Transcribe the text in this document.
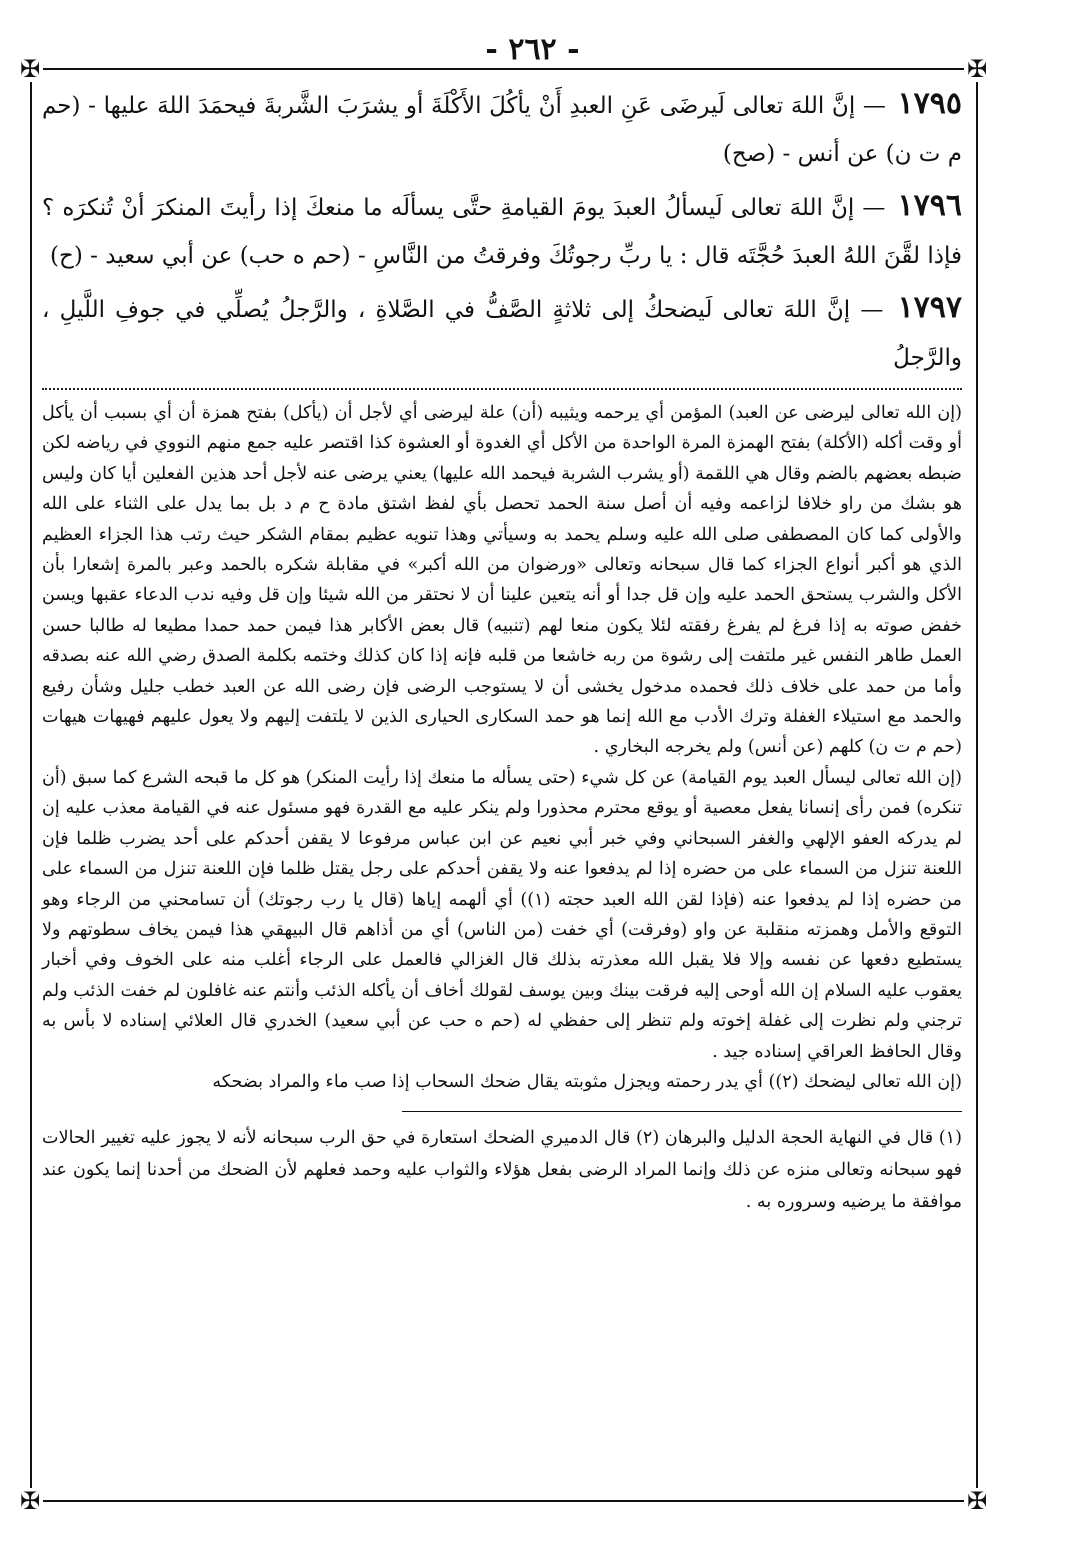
- ٢٦٢ -
✠	✠
✠	✠

١٧٩٥ — إنَّ اللهَ تعالى لَيرضَى عَنِ العبدِ أَنْ يأكُلَ الأَكْلَةَ أو يشرَبَ الشَّربةَ فيحمَدَ اللهَ عليها - (حم م ت ن) عن أنس - (صح)

١٧٩٦ — إنَّ اللهَ تعالى لَيسألُ العبدَ يومَ القيامةِ حتَّى يسألَه ما منعكَ إذا رأيتَ المنكرَ أنْ تُنكرَه ؟ فإذا لقَّنَ اللهُ العبدَ حُجَّتَه قال : يا ربِّ رجوتُكَ وفرقتُ من النَّاسِ - (حم ه حب) عن أبي سعيد - (ح)

١٧٩٧ — إنَّ اللهَ تعالى لَيضحكُ إلى ثلاثةٍ الصَّفُّ في الصَّلاةِ ، والرَّجلُ يُصلِّي في جوفِ اللَّيلِ ، والرَّجلُ

(إن الله تعالى ليرضى عن العبد) المؤمن أي يرحمه ويثيبه (أن) علة ليرضى أي لأجل أن (يأكل) بفتح همزة أن أي بسبب أن يأكل أو وقت أكله (الأكلة) بفتح الهمزة المرة الواحدة من الأكل أي الغدوة أو العشوة كذا اقتصر عليه جمع منهم النووي في رياضه لكن ضبطه بعضهم بالضم وقال هي اللقمة (أو يشرب الشربة فيحمد الله عليها) يعني يرضى عنه لأجل أحد هذين الفعلين أيا كان وليس هو بشك من راو خلافا لزاعمه وفيه أن أصل سنة الحمد تحصل بأي لفظ اشتق مادة ح م د بل بما يدل على الثناء على الله والأولى كما كان المصطفى صلى الله عليه وسلم يحمد به وسيأتي وهذا تنويه عظيم بمقام الشكر حيث رتب هذا الجزاء العظيم الذي هو أكبر أنواع الجزاء كما قال سبحانه وتعالى «ورضوان من الله أكبر» في مقابلة شكره بالحمد وعبر بالمرة إشعارا بأن الأكل والشرب يستحق الحمد عليه وإن قل جدا أو أنه يتعين علينا أن لا نحتقر من الله شيئا وإن قل وفيه ندب الدعاء عقبها ويسن خفض صوته به إذا فرغ لم يفرغ رفقته لئلا يكون منعا لهم (تنبيه) قال بعض الأكابر هذا فيمن حمد حمدا مطيعا له طالبا حسن العمل طاهر النفس غير ملتفت إلى رشوة من ربه خاشعا من قلبه فإنه إذا كان كذلك وختمه بكلمة الصدق رضي الله عنه بصدقه وأما من حمد على خلاف ذلك فحمده مدخول يخشى أن لا يستوجب الرضى فإن رضى الله عن العبد خطب جليل وشأن رفيع والحمد مع استيلاء الغفلة وترك الأدب مع الله إنما هو حمد السكارى الحيارى الذين لا يلتفت إليهم ولا يعول عليهم فهيهات هيهات (حم م ت ن) كلهم (عن أنس) ولم يخرجه البخاري .

(إن الله تعالى ليسأل العبد يوم القيامة) عن كل شيء (حتى يسأله ما منعك إذا رأيت المنكر) هو كل ما قبحه الشرع كما سبق (أن تنكره) فمن رأى إنسانا يفعل معصية أو يوقع محترم محذورا ولم ينكر عليه مع القدرة فهو مسئول عنه في القيامة معذب عليه إن لم يدركه العفو الإلهي والغفر السبحاني وفي خبر أبي نعيم عن ابن عباس مرفوعا لا يقفن أحدكم على أحد يضرب ظلما فإن اللعنة تنزل من السماء على من حضره إذا لم يدفعوا عنه ولا يقفن أحدكم على رجل يقتل ظلما فإن اللعنة تنزل من السماء على من حضره إذا لم يدفعوا عنه (فإذا لقن الله العبد حجته (١)) أي ألهمه إياها (قال يا رب رجوتك) أن تسامحني من الرجاء وهو التوقع والأمل وهمزته منقلبة عن واو (وفرقت) أي خفت (من الناس) أي من أذاهم قال البيهقي هذا فيمن يخاف سطوتهم ولا يستطيع دفعها عن نفسه وإلا فلا يقبل الله معذرته بذلك قال الغزالي فالعمل على الرجاء أغلب منه على الخوف وفي أخبار يعقوب عليه السلام إن الله أوحى إليه فرقت بينك وبين يوسف لقولك أخاف أن يأكله الذئب وأنتم عنه غافلون لم خفت الذئب ولم ترجني ولم نظرت إلى غفلة إخوته ولم تنظر إلى حفظي له (حم ه حب عن أبي سعيد) الخدري قال العلائي إسناده لا بأس به وقال الحافظ العراقي إسناده جيد .

(إن الله تعالى ليضحك (٢)) أي يدر رحمته ويجزل مثوبته يقال ضحك السحاب إذا صب ماء والمراد بضحكه

(١) قال في النهاية الحجة الدليل والبرهان (٢) قال الدميري الضحك استعارة في حق الرب سبحانه لأنه لا يجوز عليه تغيير الحالات فهو سبحانه وتعالى منزه عن ذلك وإنما المراد الرضى بفعل هؤلاء والثواب عليه وحمد فعلهم لأن الضحك من أحدنا إنما يكون عند موافقة ما يرضيه وسروره به .
